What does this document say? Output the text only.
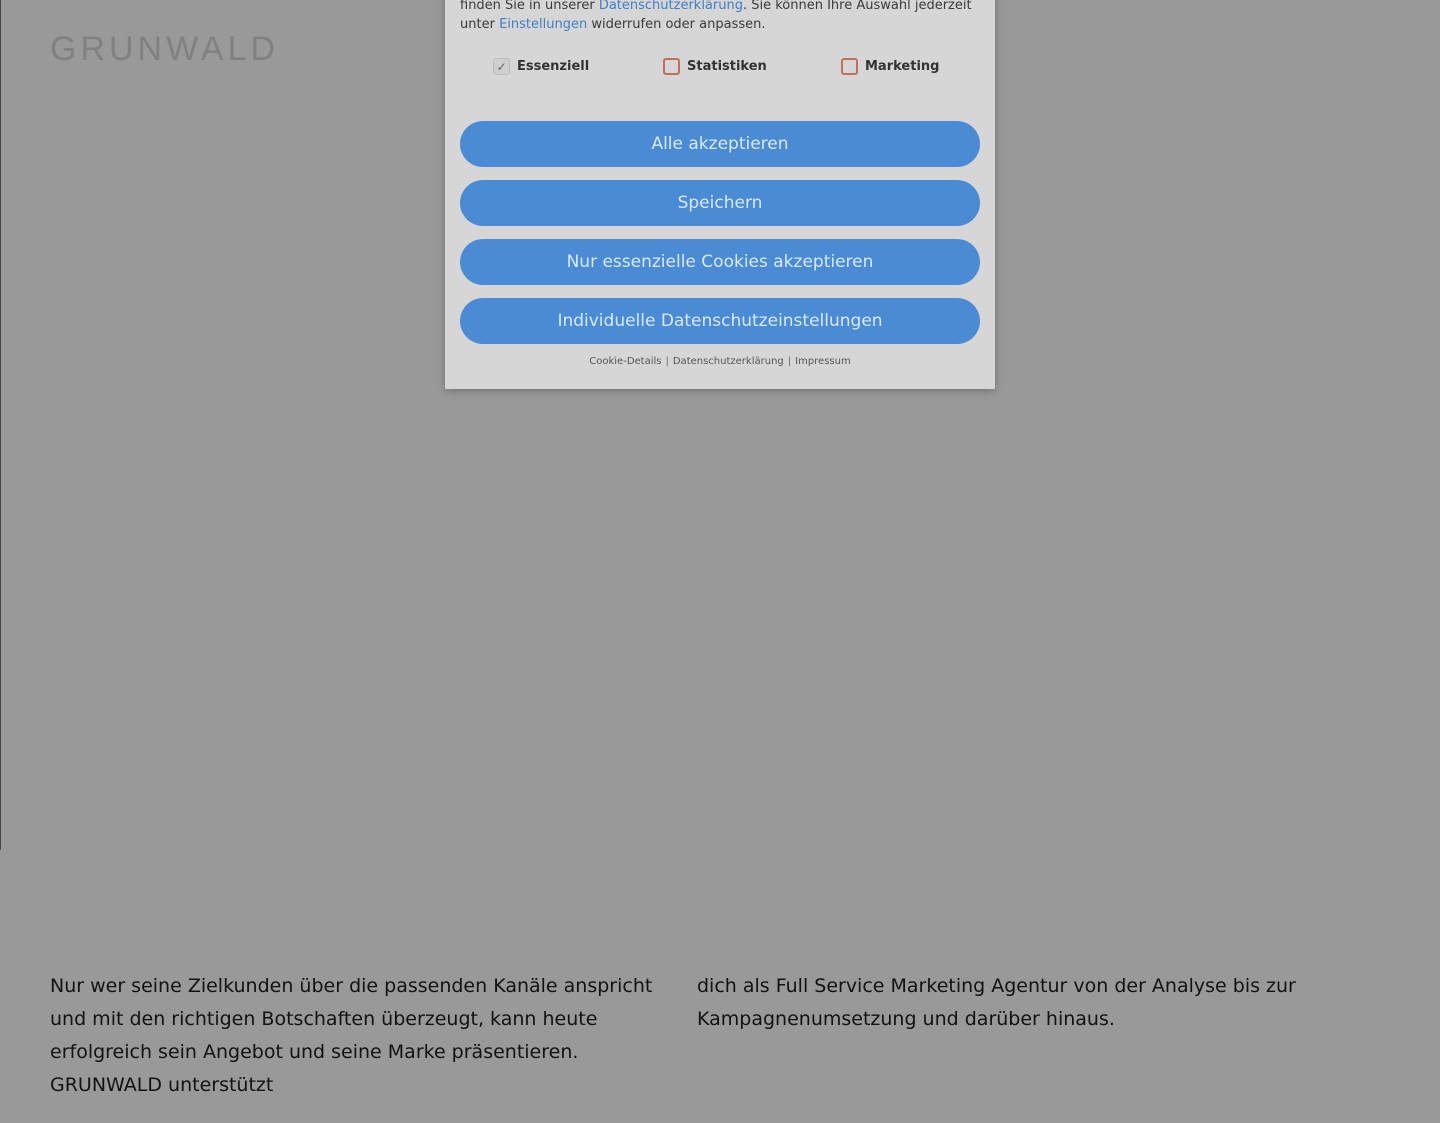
GRUNWALD
Nur wer seine Zielkunden über die passenden Kanäle anspricht und mit den richtigen Botschaften überzeugt, kann heute erfolgreich sein Angebot und seine Marke präsentieren. GRUNWALD unterstützt
dich als Full Service Marketing Agentur von der Analyse bis zur Kampagnenumsetzung und darüber hinaus.
finden Sie in unserer Datenschutzerklärung. Sie können Ihre Auswahl jederzeit unter Einstellungen widerrufen oder anpassen.
✓ Essenziell	Statistiken	Marketing
Alle akzeptieren
Speichern
Nur essenzielle Cookies akzeptieren
Individuelle Datenschutzeinstellungen
Cookie-Details | Datenschutzerklärung | Impressum
